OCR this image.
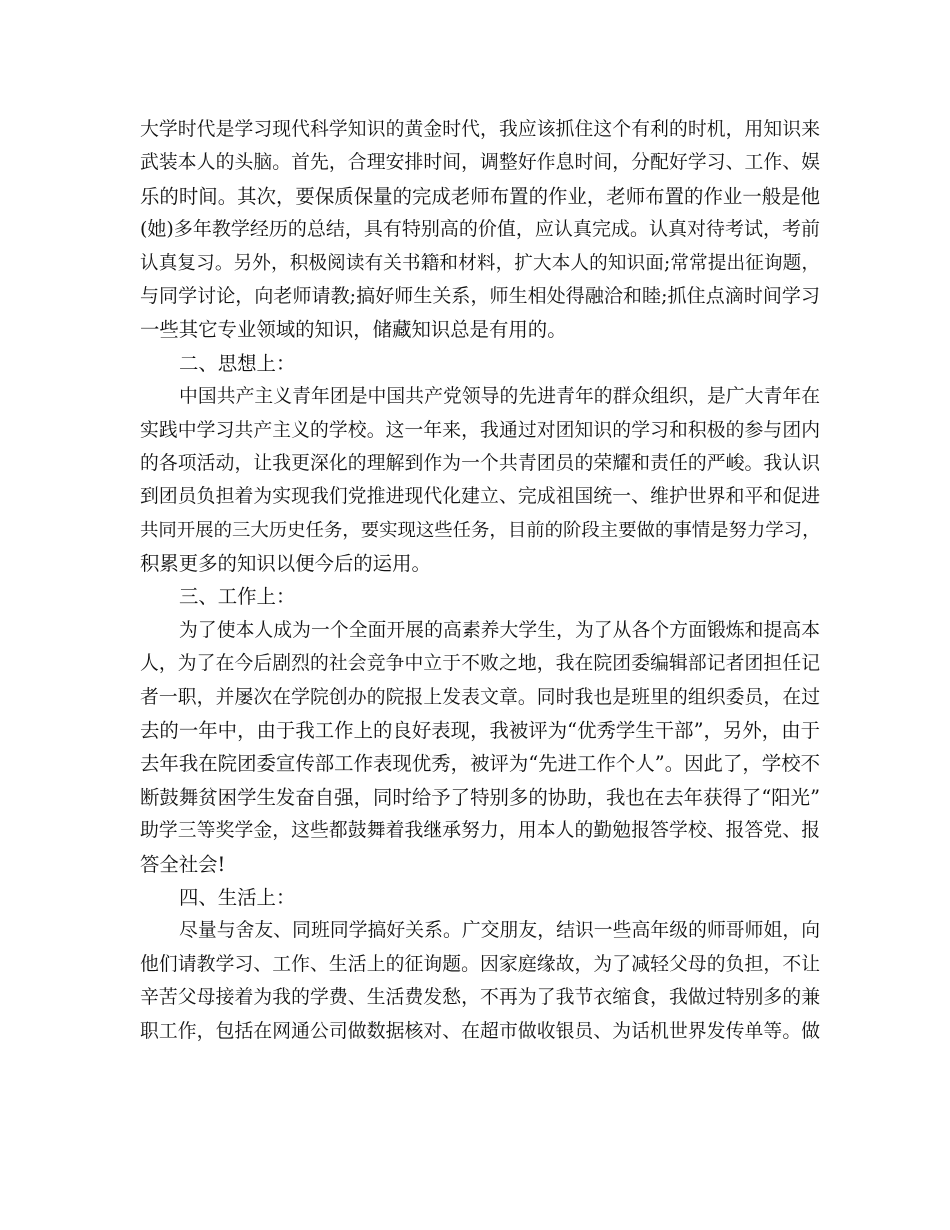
大学时代是学习现代科学知识的黄金时代，我应该抓住这个有利的时机，用知识来
武装本人的头脑。首先，合理安排时间，调整好作息时间，分配好学习、工作、娱
乐的时间。其次，要保质保量的完成老师布置的作业，老师布置的作业一般是他
(她)多年教学经历的总结，具有特别高的价值，应认真完成。认真对待考试，考前
认真复习。另外，积极阅读有关书籍和材料，扩大本人的知识面;常常提出征询题，
与同学讨论，向老师请教;搞好师生关系，师生相处得融洽和睦;抓住点滴时间学习
一些其它专业领域的知识，储藏知识总是有用的。
二、思想上：
中国共产主义青年团是中国共产党领导的先进青年的群众组织，是广大青年在
实践中学习共产主义的学校。这一年来，我通过对团知识的学习和积极的参与团内
的各项活动，让我更深化的理解到作为一个共青团员的荣耀和责任的严峻。我认识
到团员负担着为实现我们党推进现代化建立、完成祖国统一、维护世界和平和促进
共同开展的三大历史任务，要实现这些任务，目前的阶段主要做的事情是努力学习，
积累更多的知识以便今后的运用。
三、工作上：
为了使本人成为一个全面开展的高素养大学生，为了从各个方面锻炼和提高本
人，为了在今后剧烈的社会竞争中立于不败之地，我在院团委编辑部记者团担任记
者一职，并屡次在学院创办的院报上发表文章。同时我也是班里的组织委员，在过
去的一年中，由于我工作上的良好表现，我被评为“优秀学生干部”，另外，由于
去年我在院团委宣传部工作表现优秀，被评为“先进工作个人”。因此了，学校不
断鼓舞贫困学生发奋自强，同时给予了特别多的协助，我也在去年获得了“阳光”
助学三等奖学金，这些都鼓舞着我继承努力，用本人的勤勉报答学校、报答党、报
答全社会!
四、生活上：
尽量与舍友、同班同学搞好关系。广交朋友，结识一些高年级的师哥师姐，向
他们请教学习、工作、生活上的征询题。因家庭缘故，为了减轻父母的负担，不让
辛苦父母接着为我的学费、生活费发愁，不再为了我节衣缩食，我做过特别多的兼
职工作，包括在网通公司做数据核对、在超市做收银员、为话机世界发传单等。做
